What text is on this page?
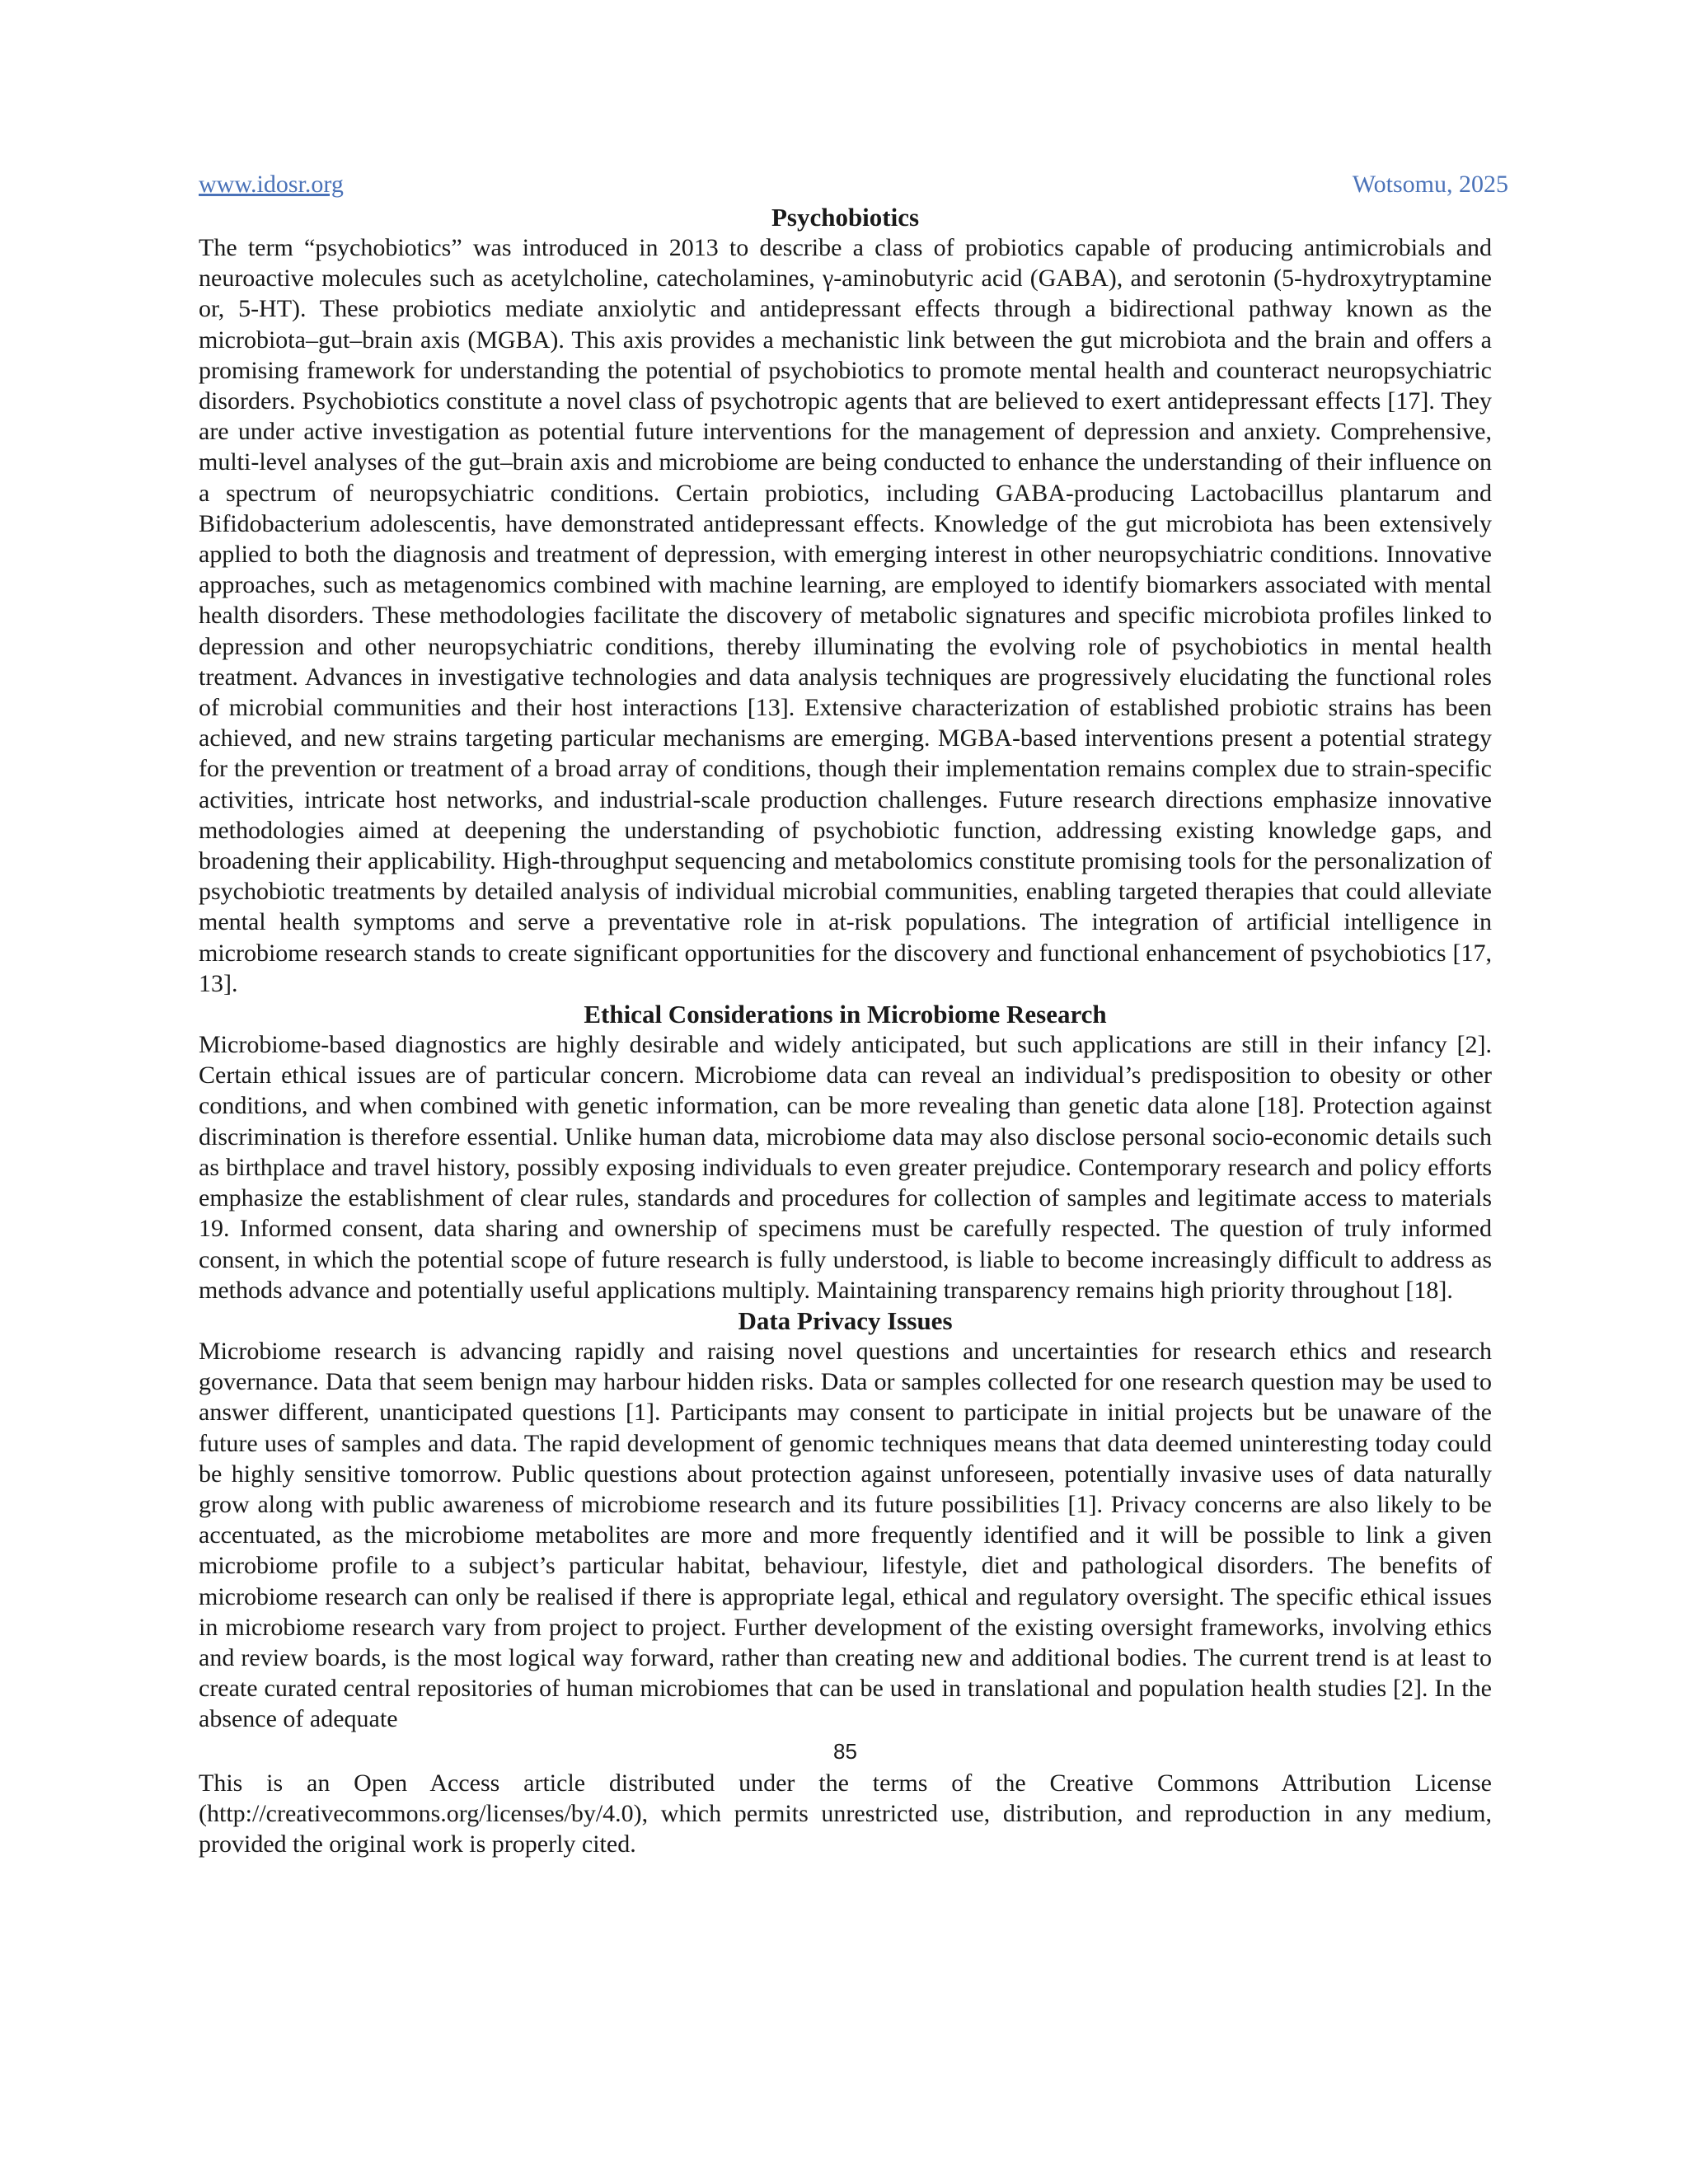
www.idosr.org	Wotsomu, 2025
Psychobiotics

The term “psychobiotics” was introduced in 2013 to describe a class of probiotics capable of producing antimicrobials and neuroactive molecules such as acetylcholine, catecholamines, γ-aminobutyric acid (GABA), and serotonin (5-hydroxytryptamine or, 5-HT). These probiotics mediate anxiolytic and antidepressant effects through a bidirectional pathway known as the microbiota–gut–brain axis (MGBA). This axis provides a mechanistic link between the gut microbiota and the brain and offers a promising framework for understanding the potential of psychobiotics to promote mental health and counteract neuropsychiatric disorders. Psychobiotics constitute a novel class of psychotropic agents that are believed to exert antidepressant effects [17]. They are under active investigation as potential future interventions for the management of depression and anxiety. Comprehensive, multi-level analyses of the gut–brain axis and microbiome are being conducted to enhance the understanding of their influence on a spectrum of neuropsychiatric conditions. Certain probiotics, including GABA-producing Lactobacillus plantarum and Bifidobacterium adolescentis, have demonstrated antidepressant effects. Knowledge of the gut microbiota has been extensively applied to both the diagnosis and treatment of depression, with emerging interest in other neuropsychiatric conditions. Innovative approaches, such as metagenomics combined with machine learning, are employed to identify biomarkers associated with mental health disorders. These methodologies facilitate the discovery of metabolic signatures and specific microbiota profiles linked to depression and other neuropsychiatric conditions, thereby illuminating the evolving role of psychobiotics in mental health treatment. Advances in investigative technologies and data analysis techniques are progressively elucidating the functional roles of microbial communities and their host interactions [13]. Extensive characterization of established probiotic strains has been achieved, and new strains targeting particular mechanisms are emerging. MGBA-based interventions present a potential strategy for the prevention or treatment of a broad array of conditions, though their implementation remains complex due to strain-specific activities, intricate host networks, and industrial-scale production challenges. Future research directions emphasize innovative methodologies aimed at deepening the understanding of psychobiotic function, addressing existing knowledge gaps, and broadening their applicability. High-throughput sequencing and metabolomics constitute promising tools for the personalization of psychobiotic treatments by detailed analysis of individual microbial communities, enabling targeted therapies that could alleviate mental health symptoms and serve a preventative role in at-risk populations. The integration of artificial intelligence in microbiome research stands to create significant opportunities for the discovery and functional enhancement of psychobiotics [17, 13].

Ethical Considerations in Microbiome Research

Microbiome-based diagnostics are highly desirable and widely anticipated, but such applications are still in their infancy [2]. Certain ethical issues are of particular concern. Microbiome data can reveal an individual’s predisposition to obesity or other conditions, and when combined with genetic information, can be more revealing than genetic data alone [18]. Protection against discrimination is therefore essential. Unlike human data, microbiome data may also disclose personal socio-economic details such as birthplace and travel history, possibly exposing individuals to even greater prejudice. Contemporary research and policy efforts emphasize the establishment of clear rules, standards and procedures for collection of samples and legitimate access to materials 19. Informed consent, data sharing and ownership of specimens must be carefully respected. The question of truly informed consent, in which the potential scope of future research is fully understood, is liable to become increasingly difficult to address as methods advance and potentially useful applications multiply. Maintaining transparency remains high priority throughout [18].

Data Privacy Issues

Microbiome research is advancing rapidly and raising novel questions and uncertainties for research ethics and research governance. Data that seem benign may harbour hidden risks. Data or samples collected for one research question may be used to answer different, unanticipated questions [1]. Participants may consent to participate in initial projects but be unaware of the future uses of samples and data. The rapid development of genomic techniques means that data deemed uninteresting today could be highly sensitive tomorrow. Public questions about protection against unforeseen, potentially invasive uses of data naturally grow along with public awareness of microbiome research and its future possibilities [1]. Privacy concerns are also likely to be accentuated, as the microbiome metabolites are more and more frequently identified and it will be possible to link a given microbiome profile to a subject’s particular habitat, behaviour, lifestyle, diet and pathological disorders. The benefits of microbiome research can only be realised if there is appropriate legal, ethical and regulatory oversight. The specific ethical issues in microbiome research vary from project to project. Further development of the existing oversight frameworks, involving ethics and review boards, is the most logical way forward, rather than creating new and additional bodies. The current trend is at least to create curated central repositories of human microbiomes that can be used in translational and population health studies [2]. In the absence of adequate

85

This is an Open Access article distributed under the terms of the Creative Commons Attribution License (http://creativecommons.org/licenses/by/4.0), which permits unrestricted use, distribution, and reproduction in any medium, provided the original work is properly cited.
